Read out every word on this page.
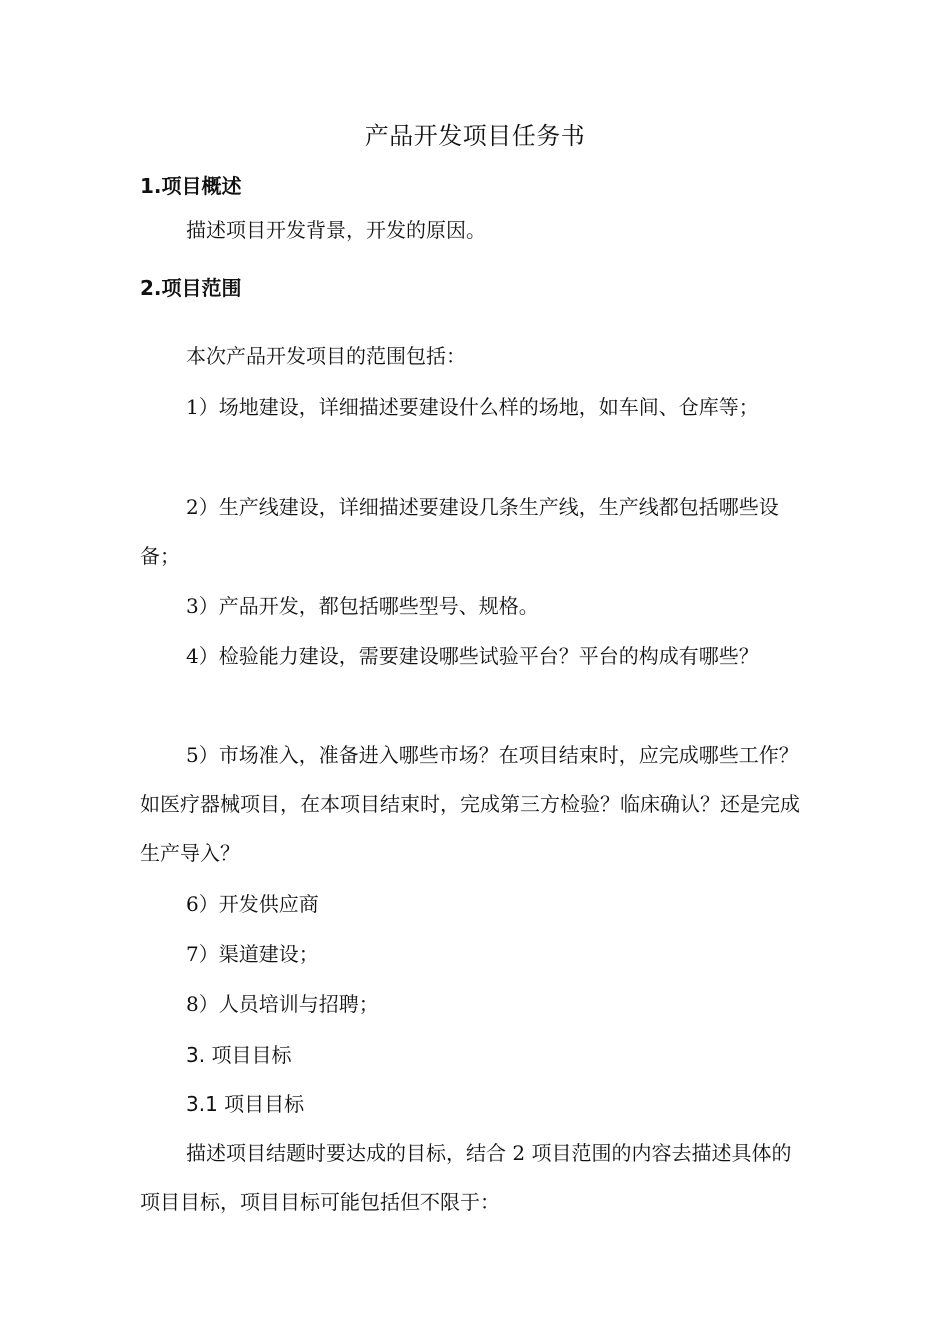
产品开发项目任务书
1.项目概述

描述项目开发背景，开发的原因。

2.项目范围

本次产品开发项目的范围包括：

1）场地建设，详细描述要建设什么样的场地，如车间、仓库等；

2）生产线建设，详细描述要建设几条生产线，生产线都包括哪些设备；

3）产品开发，都包括哪些型号、规格。

4）检验能力建设，需要建设哪些试验平台？平台的构成有哪些？

5）市场准入，准备进入哪些市场？在项目结束时，应完成哪些工作？如医疗器械项目，在本项目结束时，完成第三方检验？临床确认？还是完成生产导入？

6）开发供应商

7）渠道建设；

8）人员培训与招聘；

3. 项目目标
3.1 项目目标

描述项目结题时要达成的目标，结合 2 项目范围的内容去描述具体的项目目标，项目目标可能包括但不限于：
